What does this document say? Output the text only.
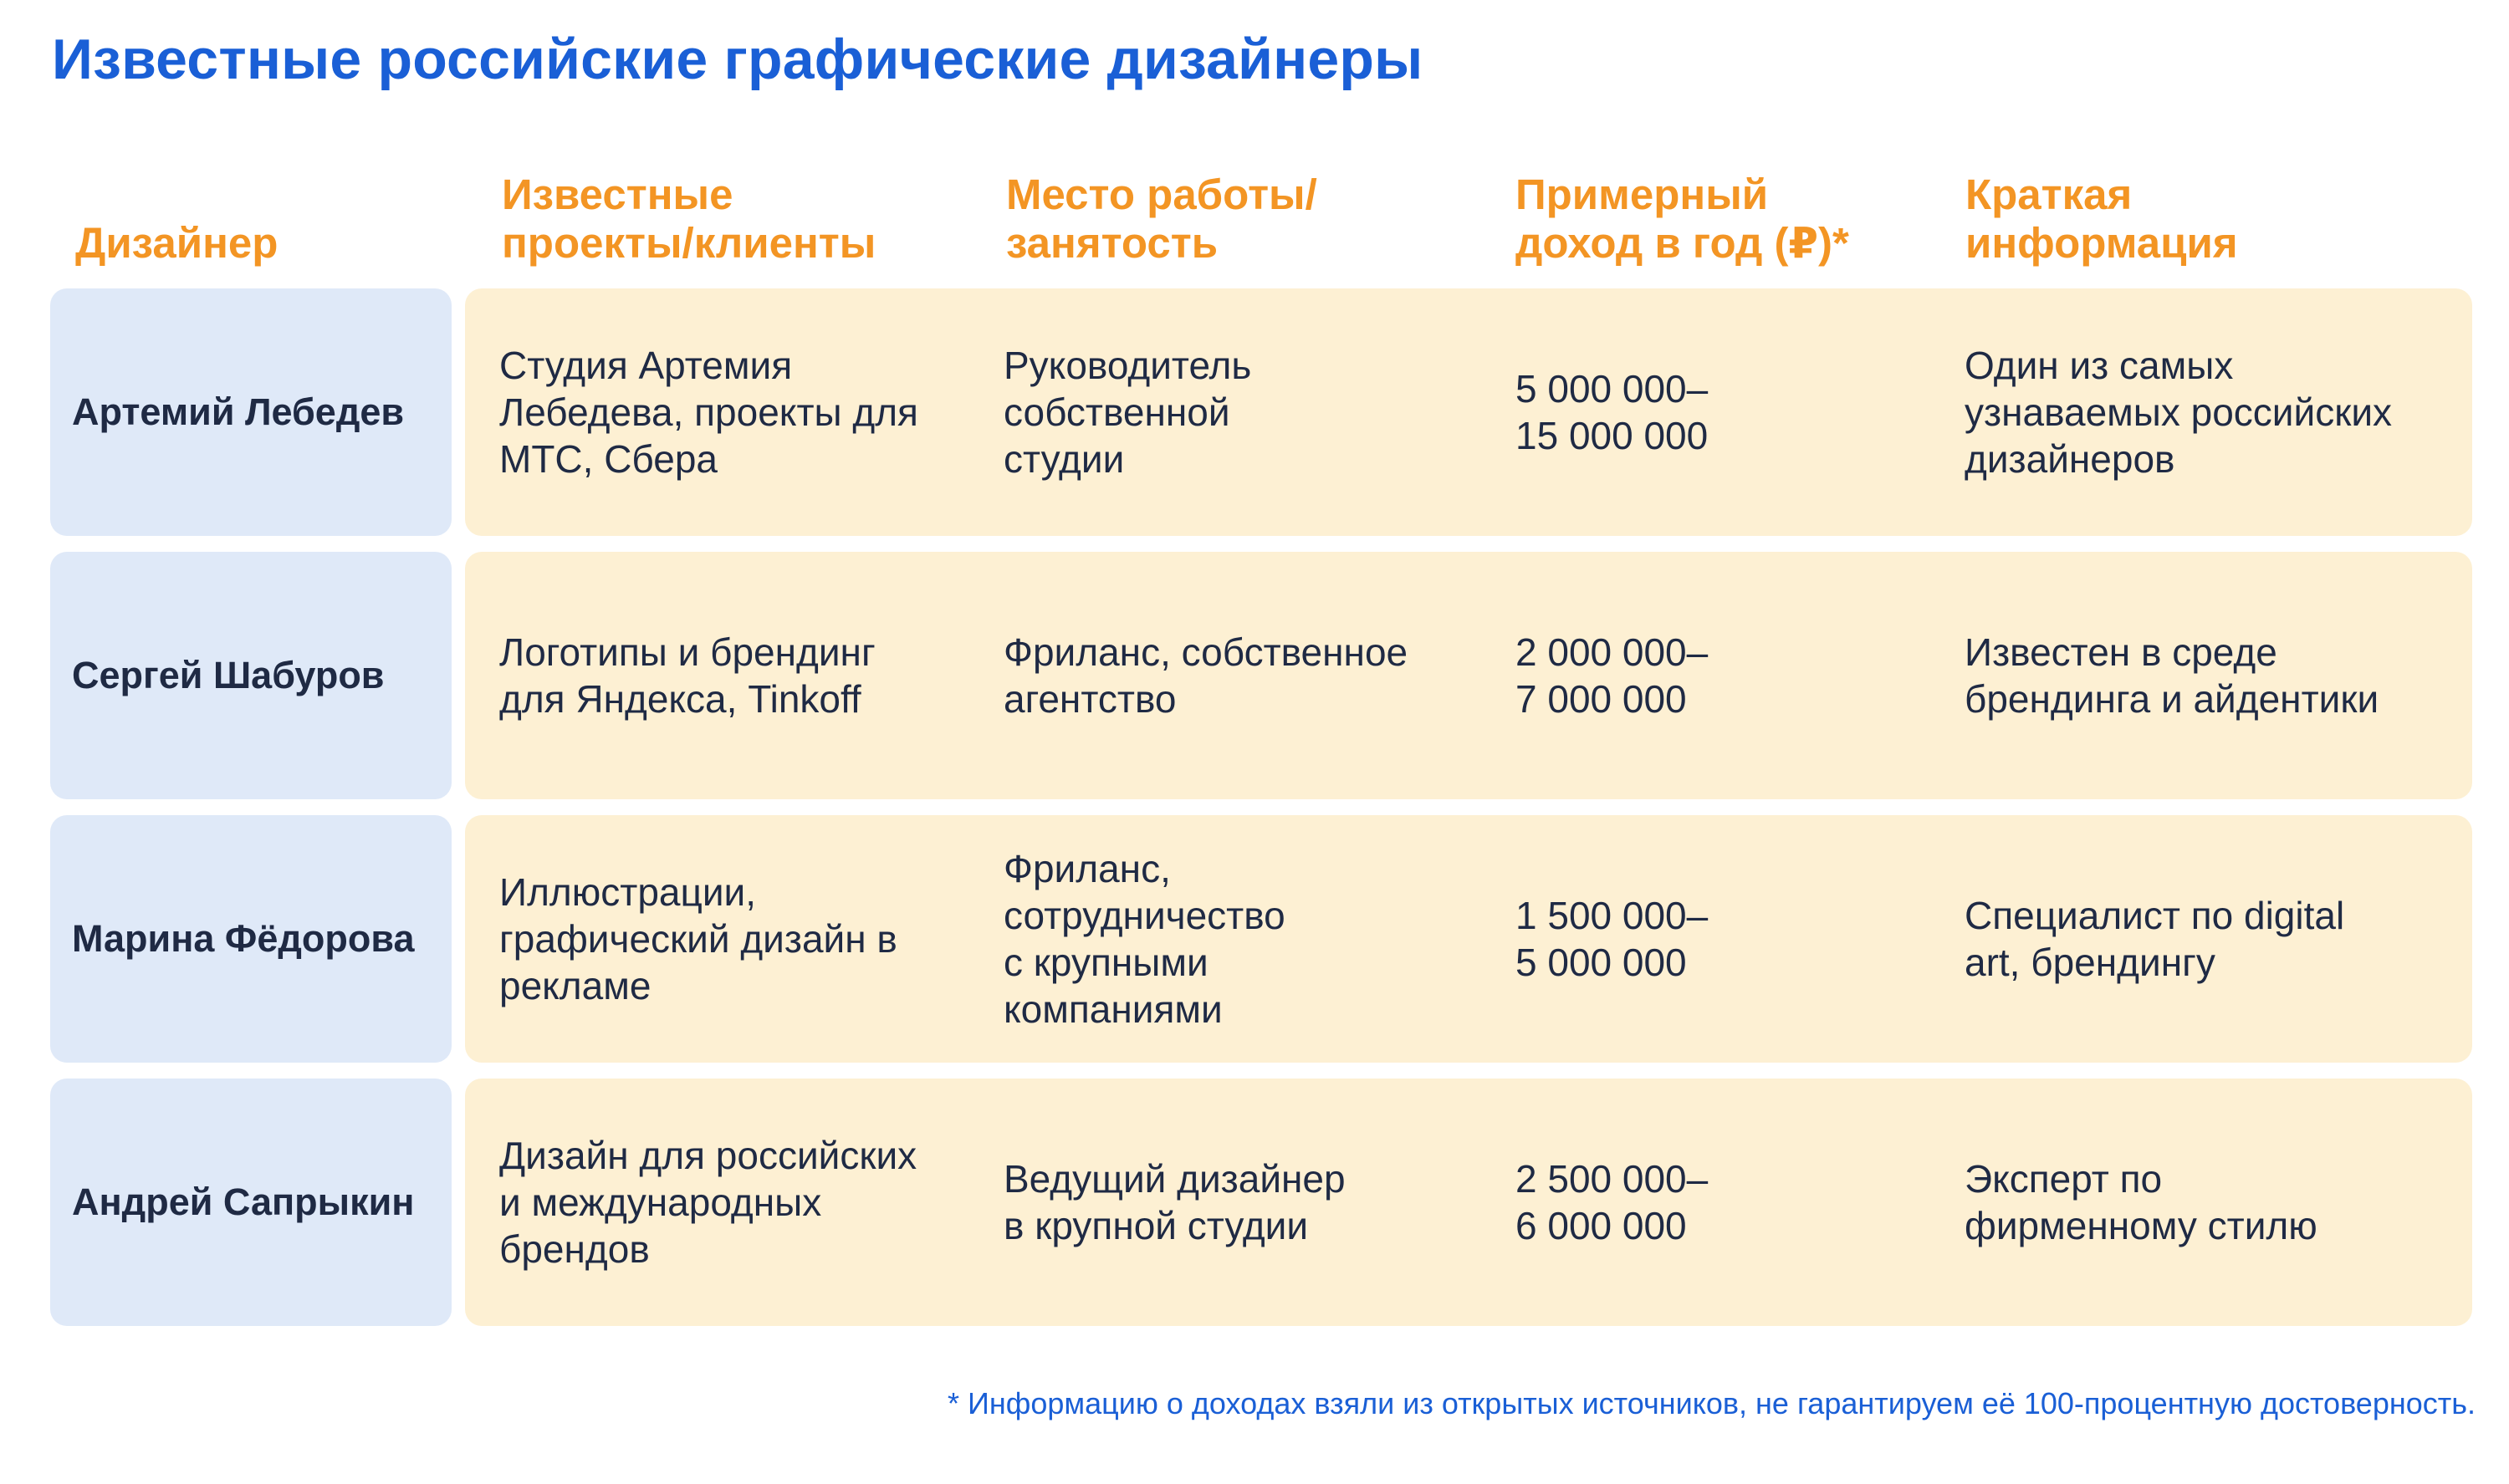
Известные российские графические дизайнеры

Дизайнер

Известные
проекты/клиенты

Место работы/
занятость

Примерный
доход в год (₽)*

Краткая
информация

Артемий Лебедев
Студия Артемия
Лебедева, проекты для
МТС, Сбера
Руководитель
собственной
студии
5 000 000–
15 000 000
Один из самых
узнаваемых российских
дизайнеров
Сергей Шабуров
Логотипы и брендинг
для Яндекса, Tinkoff
Фриланс, собственное
агентство
2 000 000–
7 000 000
Известен в среде
брендинга и айдентики
Марина Фёдорова
Иллюстрации,
графический дизайн в
рекламе
Фриланс,
сотрудничество
с крупными
компаниями
1 500 000–
5 000 000
Специалист по digital
art, брендингу
Андрей Сапрыкин
Дизайн для российских
и международных
брендов
Ведущий дизайнер
в крупной студии
2 500 000–
6 000 000
Эксперт по
фирменному стилю
* Информацию о доходах взяли из открытых источников, не гарантируем её 100-процентную достоверность.
